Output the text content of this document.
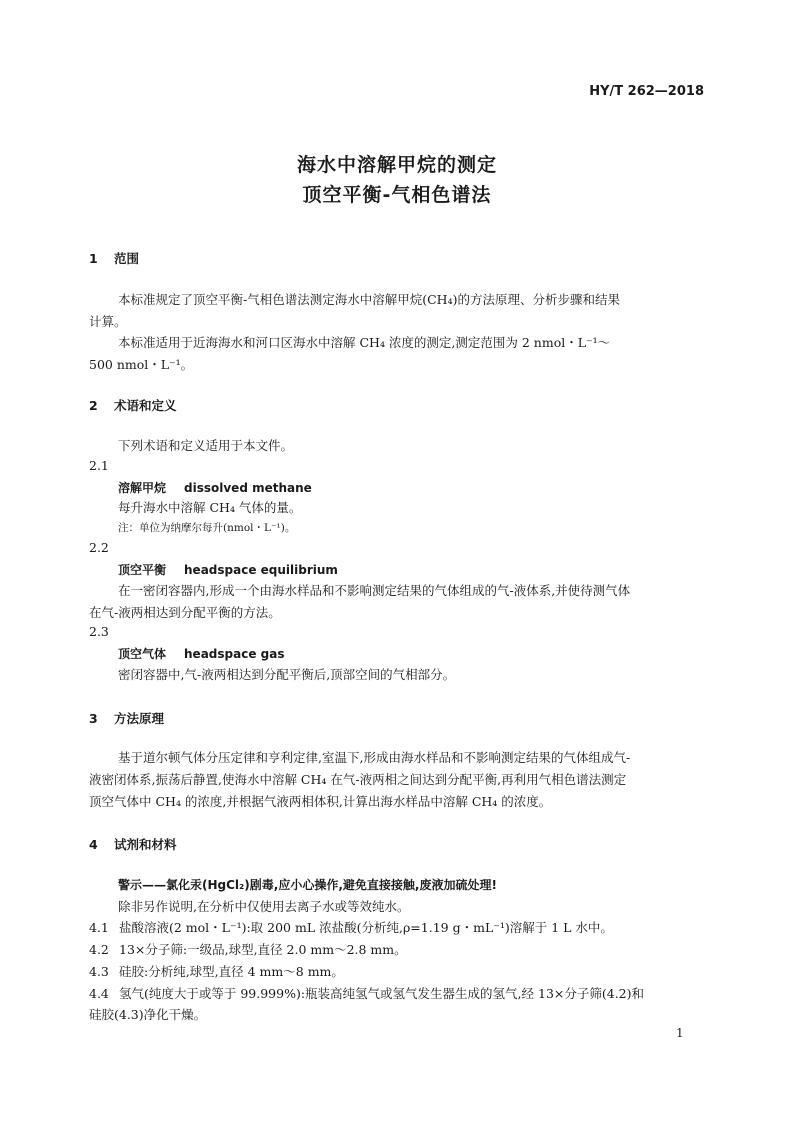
HY/T 262—2018
海水中溶解甲烷的测定
顶空平衡-气相色谱法
1 范围
本标准规定了顶空平衡-气相色谱法测定海水中溶解甲烷(CH₄)的方法原理、分析步骤和结果
计算。
本标准适用于近海海水和河口区海水中溶解 CH₄ 浓度的测定,测定范围为 2 nmol・L⁻¹～
500 nmol・L⁻¹。
2 术语和定义
下列术语和定义适用于本文件。
2.1
溶解甲烷 dissolved methane
每升海水中溶解 CH₄ 气体的量。
注：单位为纳摩尔每升(nmol・L⁻¹)。
2.2
顶空平衡 headspace equilibrium
在一密闭容器内,形成一个由海水样品和不影响测定结果的气体组成的气-液体系,并使待测气体
在气-液两相达到分配平衡的方法。
2.3
顶空气体 headspace gas
密闭容器中,气-液两相达到分配平衡后,顶部空间的气相部分。
3 方法原理
基于道尔顿气体分压定律和亨利定律,室温下,形成由海水样品和不影响测定结果的气体组成气-
液密闭体系,振荡后静置,使海水中溶解 CH₄ 在气-液两相之间达到分配平衡,再利用气相色谱法测定
顶空气体中 CH₄ 的浓度,并根据气液两相体积,计算出海水样品中溶解 CH₄ 的浓度。
4 试剂和材料
警示——氯化汞(HgCl₂)剧毒,应小心操作,避免直接接触,废液加硫处理!
除非另作说明,在分析中仅使用去离子水或等效纯水。
4.1 盐酸溶液(2 mol・L⁻¹):取 200 mL 浓盐酸(分析纯,ρ=1.19 g・mL⁻¹)溶解于 1 L 水中。
4.2 13×分子筛:一级品,球型,直径 2.0 mm～2.8 mm。
4.3 硅胶:分析纯,球型,直径 4 mm～8 mm。
4.4 氢气(纯度大于或等于 99.999%):瓶装高纯氢气或氢气发生器生成的氢气,经 13×分子筛(4.2)和
硅胶(4.3)净化干燥。
1
